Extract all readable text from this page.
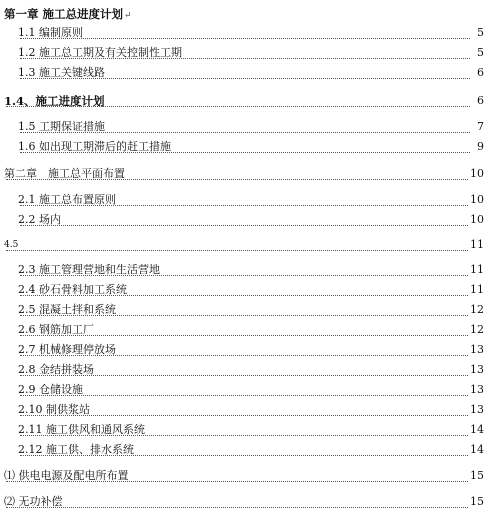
第一章 施工总进度计划↵
1.1 编制原则	5
1.2 施工总工期及有关控制性工期	5
1.3 施工关键线路	6
1.4、施工进度计划	6
1.5 工期保证措施	7
1.6 如出现工期滞后的赶工措施	9
第二章　施工总平面布置	10
2.1 施工总布置原则	10
2.2 场内	10
4.5	11
2.3 施工管理营地和生活营地	11
2.4 砂石骨料加工系统	11
2.5 混凝土拌和系统	12
2.6 钢筋加工厂	12
2.7 机械修理停放场	13
2.8 金结拼装场	13
2.9 仓储设施	13
2.10 制供浆站	13
2.11 施工供风和通风系统	14
2.12 施工供、排水系统	14
⑴ 供电电源及配电所布置	15
⑵ 无功补偿	15
